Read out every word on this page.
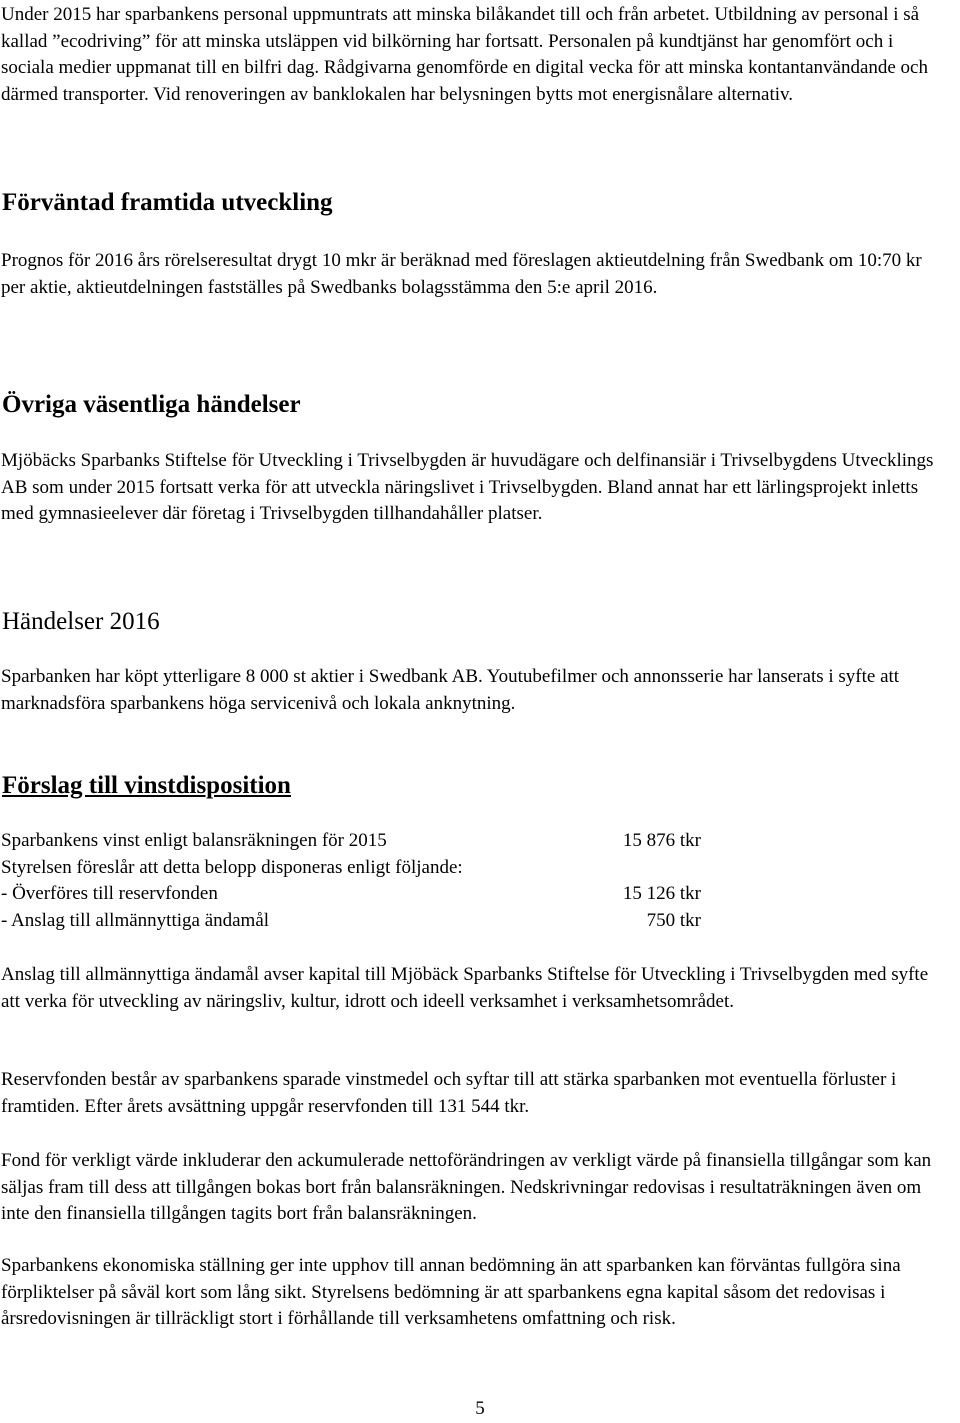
Under 2015 har sparbankens personal uppmuntrats att minska bilåkandet till och från arbetet. Utbildning av personal i så kallad ”ecodriving” för att minska utsläppen vid bilkörning har fortsatt. Personalen på kundtjänst har genomfört och i sociala medier uppmanat till en bilfri dag. Rådgivarna genomförde en digital vecka för att minska kontantanvändande och därmed transporter. Vid renoveringen av banklokalen har belysningen bytts mot energisnålare alternativ.

Förväntad framtida utveckling

Prognos för 2016 års rörelseresultat drygt 10 mkr är beräknad med föreslagen aktieutdelning från Swedbank om 10:70 kr per aktie, aktieutdelningen fastställes på Swedbanks bolagsstämma den 5:e april 2016.

Övriga väsentliga händelser

Mjöbäcks Sparbanks Stiftelse för Utveckling i Trivselbygden är huvudägare och delfinansiär i Trivselbygdens Utvecklings AB som under 2015 fortsatt verka för att utveckla näringslivet i Trivselbygden. Bland annat har ett lärlingsprojekt inletts med gymnasieelever där företag i Trivselbygden tillhandahåller platser.

Händelser 2016

Sparbanken har köpt ytterligare 8 000 st aktier i Swedbank AB. Youtubefilmer och annonsserie har lanserats i syfte att marknadsföra sparbankens höga servicenivå och lokala anknytning.

Förslag till vinstdisposition
Sparbankens vinst enligt balansräkningen för 2015	15 876 tkr
Styrelsen föreslår att detta belopp disponeras enligt följande:
- Överföres till reservfonden	15 126 tkr
- Anslag till allmännyttiga ändamål	750 tkr

Anslag till allmännyttiga ändamål avser kapital till Mjöbäck Sparbanks Stiftelse för Utveckling i Trivselbygden med syfte att verka för utveckling av näringsliv, kultur, idrott och ideell verksamhet i verksamhetsområdet.

Reservfonden består av sparbankens sparade vinstmedel och syftar till att stärka sparbanken mot eventuella förluster i framtiden. Efter årets avsättning uppgår reservfonden till 131 544 tkr.

Fond för verkligt värde inkluderar den ackumulerade nettoförändringen av verkligt värde på finansiella tillgångar som kan säljas fram till dess att tillgången bokas bort från balansräkningen. Nedskrivningar redovisas i resultaträkningen även om inte den finansiella tillgången tagits bort från balansräkningen.

Sparbankens ekonomiska ställning ger inte upphov till annan bedömning än att sparbanken kan förväntas fullgöra sina förpliktelser på såväl kort som lång sikt. Styrelsens bedömning är att sparbankens egna kapital såsom det redovisas i årsredovisningen är tillräckligt stort i förhållande till verksamhetens omfattning och risk.

5
